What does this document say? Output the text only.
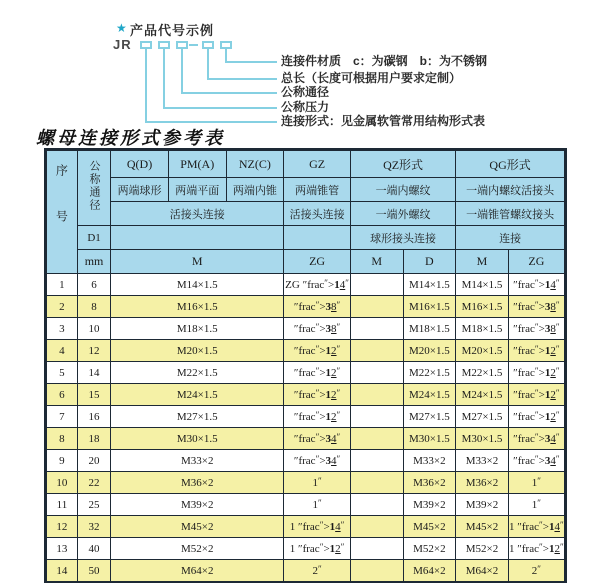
★ 产品代号示例
JR
连接件材质　c：为碳钢　b：为不锈钢
总长（长度可根据用户要求定制）
公称通径
公称压力
连接形式：见金属软管常用结构形式表
螺母连接形式参考表
序号	公称通径	Q(D)	PM(A)	NZ(C)	GZ	QZ形式		QG形式	
		两端球形	两端平面	两端内锥	两端锥管	一端内螺纹		一端内螺纹活接头	
		活接头连接			活接头连接	一端外螺纹		一端锥管螺纹接头	
	D1					球形接头连接		连接	
	mm	M			ZG	M	D	M	ZG
1	6	M14×1.5			ZG ″frac″>14″		M14×1.5	M14×1.5	″frac″>14″
2	8	M16×1.5			″frac″>38″		M16×1.5	M16×1.5	″frac″>38″
3	10	M18×1.5			″frac″>38″		M18×1.5	M18×1.5	″frac″>38″
4	12	M20×1.5			″frac″>12″		M20×1.5	M20×1.5	″frac″>12″
5	14	M22×1.5			″frac″>12″		M22×1.5	M22×1.5	″frac″>12″
6	15	M24×1.5			″frac″>12″		M24×1.5	M24×1.5	″frac″>12″
7	16	M27×1.5			″frac″>12″		M27×1.5	M27×1.5	″frac″>12″
8	18	M30×1.5			″frac″>34″		M30×1.5	M30×1.5	″frac″>34″
9	20	M33×2			″frac″>34″		M33×2	M33×2	″frac″>34″
10	22	M36×2			1″		M36×2	M36×2	1″
11	25	M39×2			1″		M39×2	M39×2	1″
12	32	M45×2			1 ″frac″>14″		M45×2	M45×2	1 ″frac″>14″
13	40	M52×2			1 ″frac″>12″		M52×2	M52×2	1 ″frac″>12″
14	50	M64×2			2″		M64×2	M64×2	2″
